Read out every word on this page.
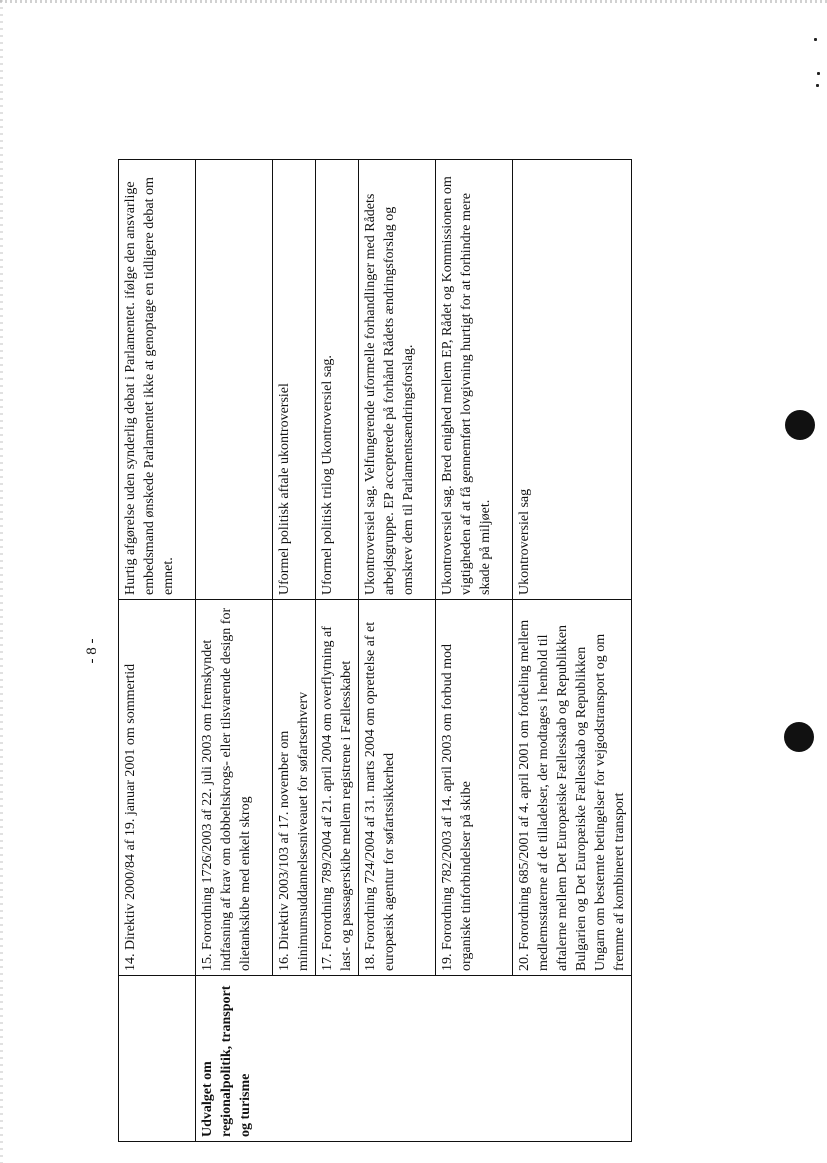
- 8 -
	14. Direktiv 2000/84 af 19. januar 2001 om sommertid	Hurtig afgørelse uden synderlig debat i Parlamentet. ifølge den ansvarlige embedsmand ønskede Parlamentet ikke at genoptage en tidligere debat om emnet.
Udvalget om regionalpolitik, transport og turisme	15. Forordning 1726/2003 af 22. juli 2003 om fremskyndet indfasning af krav om dobbeltskrogs- eller tilsvarende design for olietankskibe med enkelt skrog	
	16. Direktiv 2003/103 af 17. november om minimumsuddannelsesniveauet for søfartserhverv	Uformel politisk aftale ukontroversiel
	17. Forordning 789/2004 af 21. april 2004 om overflytning af last- og passagerskibe mellem registrene i Fællesskabet	Uformel politisk trilog Ukontroversiel sag.
	18. Forordning 724/2004 af 31. marts 2004 om oprettelse af et europæisk agentur for søfartssikkerhed	Ukontroversiel sag. Velfungerende uformelle forhandlinger med Rådets arbejdsgruppe. EP accepterede på forhånd Rådets ændringsforslag og omskrev dem til Parlamentsændringsforslag.
	19. Forordning 782/2003 af 14. april 2003 om forbud mod organiske tinforbindelser på skibe	Ukontroversiel sag. Bred enighed mellem EP, Rådet og Kommissionen om vigtigheden af at få gennemført lovgivning hurtigt for at forhindre mere skade på miljøet.
	20. Forordning 685/2001 af 4. april 2001 om fordeling mellem medlemsstaterne af de tilladelser, der modtages i henhold til aftalerne mellem Det Europæiske Fællesskab og Republikken Bulgarien og Det Europæiske Fællesskab og Republikken Ungarn om bestemte betingelser for vejgodstransport og om fremme af kombineret transport	Ukontroversiel sag
